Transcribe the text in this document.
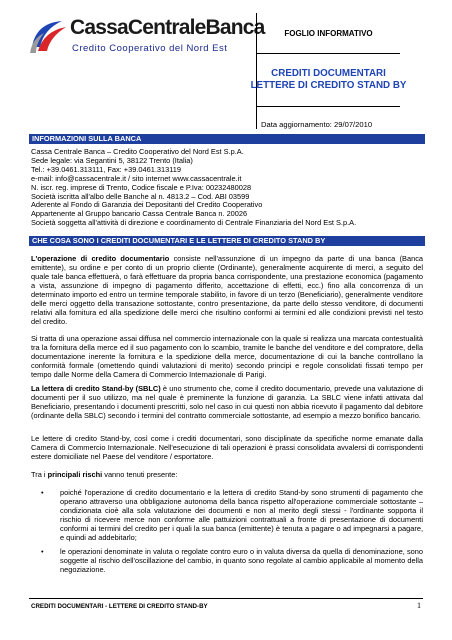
CassaCentraleBanca
Credito Cooperativo del Nord Est
FOGLIO INFORMATIVO
CREDITI DOCUMENTARI
LETTERE DI CREDITO STAND BY
Data aggiornamento:
29/07/2010
INFORMAZIONI SULLA BANCA
Cassa Centrale Banca – Credito Cooperativo del Nord Est S.p.A.
Sede legale: via Segantini 5, 38122 Trento (Italia)
Tel.: +39.0461.313111, Fax: +39.0461.313119
e-mail: info@cassacentrale.it / sito internet www.cassacentrale.it
N. iscr. reg. imprese di Trento, Codice fiscale e P.Iva: 00232480028
Società iscritta all'albo delle Banche al n. 4813.2 – Cod. ABI 03599
Aderente al Fondo di Garanzia dei Depositanti del Credito Cooperativo
Appartenente al Gruppo bancario Cassa Centrale Banca n. 20026
Società soggetta all'attività di direzione e coordinamento di Centrale Finanziaria del Nord Est S.p.A.
CHE COSA SONO I CREDITI DOCUMENTARI E LE LETTERE DI CREDITO STAND BY

L'operazione di credito documentario consiste nell'assunzione di un impegno da parte di una banca (Banca emittente), su ordine e per conto di un proprio cliente (Ordinante), generalmente acquirente di merci, a seguito del quale tale banca effettuerà, o farà effettuare da propria banca corrispondente, una prestazione economica (pagamento a vista, assunzione di impegno di pagamento differito, accettazione di effetti, ecc.) fino alla concorrenza di un determinato importo ed entro un termine temporale stabilito, in favore di un terzo (Beneficiario), generalmente venditore delle merci oggetto della transazione sottostante, contro presentazione, da parte dello stesso venditore, di documenti relativi alla fornitura ed alla spedizione delle merci che risultino conformi ai termini ed alle condizioni previsti nel testo del credito.

Si tratta di una operazione assai diffusa nel commercio internazionale con la quale si realizza una marcata contestualità tra la fornitura della merce ed il suo pagamento con lo scambio, tramite le banche del venditore e del compratore, della documentazione inerente la fornitura e la spedizione della merce, documentazione di cui la banche controllano la conformità formale (omettendo quindi valutazioni di merito) secondo principi e regole consolidati fissati tempo per tempo dalle Norme della Camera di Commercio Internazionale di Parigi.

La lettera di credito Stand-by (SBLC) è uno strumento che, come il credito documentario, prevede una valutazione di documenti per il suo utilizzo, ma nel quale è preminente la funzione di garanzia. La SBLC viene infatti attivata dal Beneficiario, presentando i documenti prescritti, solo nel caso in cui questi non abbia ricevuto il pagamento dal debitore (ordinante della SBLC) secondo i termini del contratto commerciale sottostante, ad esempio a mezzo bonifico bancario.

Le lettere di credito Stand-by, così come i crediti documentari, sono disciplinate da specifiche norme emanate dalla Camera di Commercio Internazionale. Nell'esecuzione di tali operazioni è prassi consolidata avvalersi di corrispondenti estere domiciliate nel Paese del venditore / esportatore.

Tra i principali rischi vanno tenuti presente:

• poiché l'operazione di credito documentario e la lettera di credito Stand-by sono strumenti di pagamento che operano attraverso una obbligazione autonoma della banca rispetto all'operazione commerciale sottostante – condizionata cioè alla sola valutazione dei documenti e non al merito degli stessi - l'ordinante sopporta il rischio di ricevere merce non conforme alle pattuizioni contrattuali a fronte di presentazione di documenti conformi ai termini del credito per i quali la sua banca (emittente) è tenuta a pagare o ad impegnarsi a pagare, e quindi ad addebitarlo;
• le operazioni denominate in valuta o regolate contro euro o in valuta diversa da quella di denominazione, sono soggette al rischio dell'oscillazione del cambio, in quanto sono regolate al cambio applicabile al momento della negoziazione.
CREDITI DOCUMENTARI - LETTERE DI CREDITO STAND-BY	1
